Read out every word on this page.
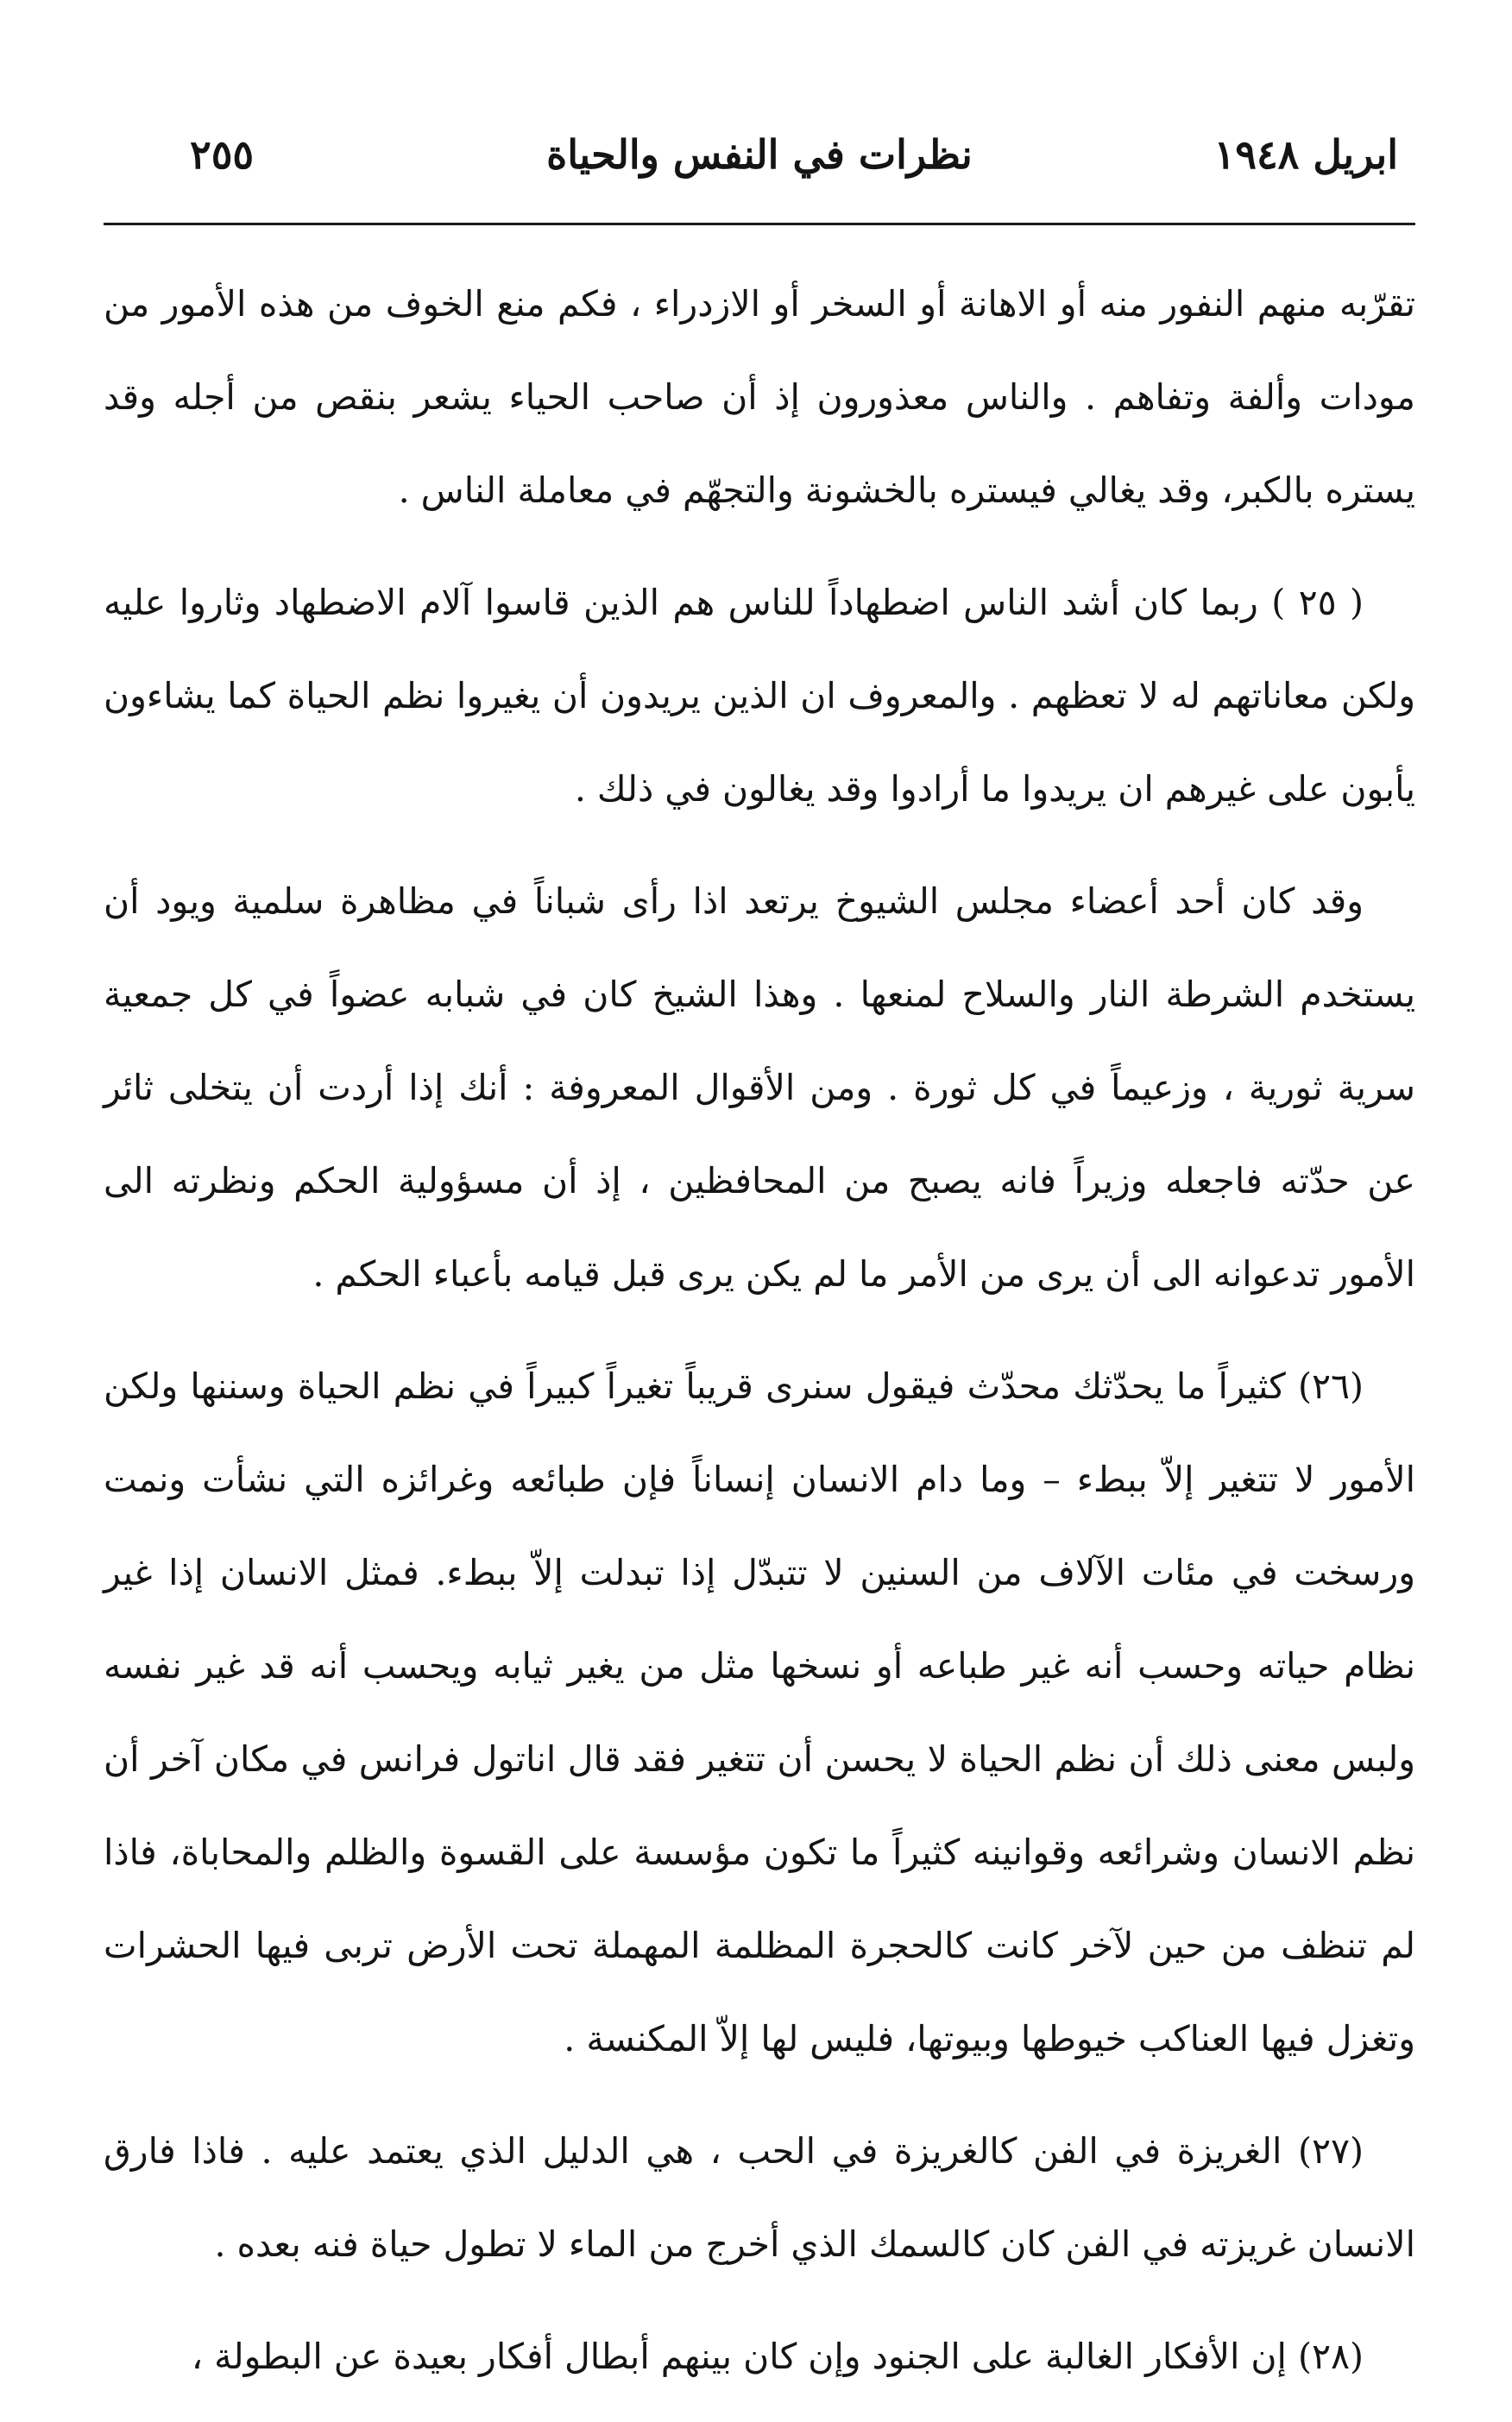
ابريل ١٩٤٨
نظرات في النفس والحياة
٢٥٥

تقرّبه منهم النفور منه أو الاهانة أو السخر أو الازدراء ، فكم منع الخوف من هذه الأمور من مودات وألفة وتفاهم . والناس معذورون إذ أن صاحب الحياء يشعر بنقص من أجله وقد يستره بالكبر، وقد يغالي فيستره بالخشونة والتجهّم في معاملة الناس .

( ٢٥ ) ربما كان أشد الناس اضطهاداً للناس هم الذين قاسوا آلام الاضطهاد وثاروا عليه ولكن معاناتهم له لا تعظهم . والمعروف ان الذين يريدون أن يغيروا نظم الحياة كما يشاءون يأبون على غيرهم ان يريدوا ما أرادوا وقد يغالون في ذلك .

وقد كان أحد أعضاء مجلس الشيوخ يرتعد اذا رأى شباناً في مظاهرة سلمية ويود أن يستخدم الشرطة النار والسلاح لمنعها . وهذا الشيخ كان في شبابه عضواً في كل جمعية سرية ثورية ، وزعيماً في كل ثورة . ومن الأقوال المعروفة : أنك إذا أردت أن يتخلى ثائر عن حدّته فاجعله وزيراً فانه يصبح من المحافظين ، إذ أن مسؤولية الحكم ونظرته الى الأمور تدعوانه الى أن يرى من الأمر ما لم يكن يرى قبل قيامه بأعباء الحكم .

(٢٦) كثيراً ما يحدّثك محدّث فيقول سنرى قريباً تغيراً كبيراً في نظم الحياة وسننها ولكن الأمور لا تتغير إلاّ ببطء – وما دام الانسان إنساناً فإن طبائعه وغرائزه التي نشأت ونمت ورسخت في مئات الآلاف من السنين لا تتبدّل إذا تبدلت إلاّ ببطء. فمثل الانسان إذا غير نظام حياته وحسب أنه غير طباعه أو نسخها مثل من يغير ثيابه ويحسب أنه قد غير نفسه ولبس معنى ذلك أن نظم الحياة لا يحسن أن تتغير فقد قال اناتول فرانس في مكان آخر أن نظم الانسان وشرائعه وقوانينه كثيراً ما تكون مؤسسة على القسوة والظلم والمحاباة، فاذا لم تنظف من حين لآخر كانت كالحجرة المظلمة المهملة تحت الأرض تربى فيها الحشرات وتغزل فيها العناكب خيوطها وبيوتها، فليس لها إلاّ المكنسة .

(٢٧) الغريزة في الفن كالغريزة في الحب ، هي الدليل الذي يعتمد عليه . فاذا فارق الانسان غريزته في الفن كان كالسمك الذي أخرج من الماء لا تطول حياة فنه بعده .

(٢٨) إن الأفكار الغالبة على الجنود وإن كان بينهم أبطال أفكار بعيدة عن البطولة ،
